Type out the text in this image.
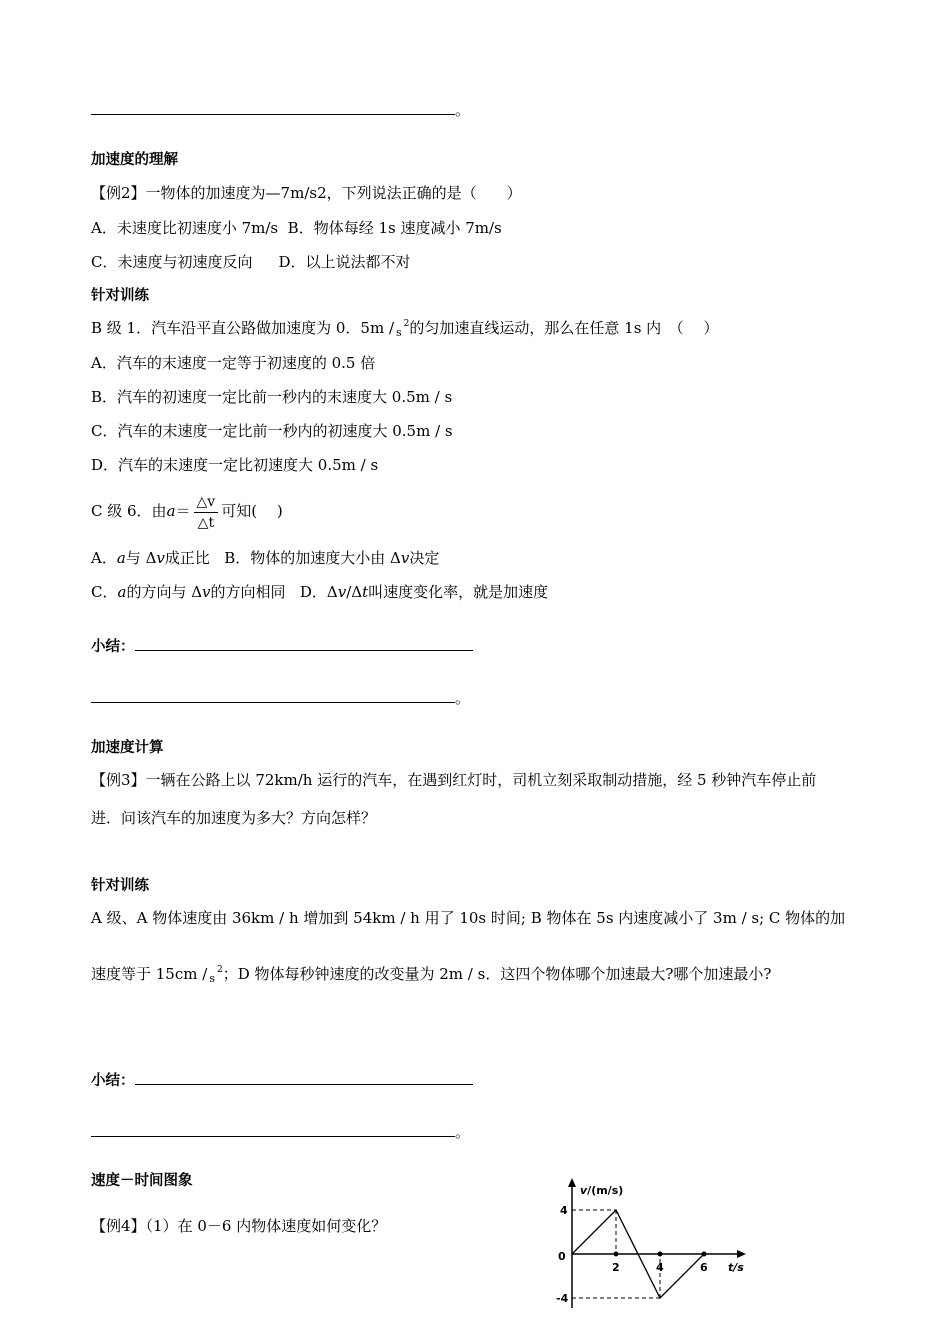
。
加速度的理解
【例2】一物体的加速度为—7m/s2，下列说法正确的是（　　）
A．未速度比初速度小 7m/s B．物体每经 1s 速度减小 7m/s
C．未速度与初速度反向 D．以上说法都不对
针对训练
B 级 1．汽车沿平直公路做加速度为 0．5m / $_s^2$的匀加速直线运动，那么在任意 1s 内　（　 ）
A．汽车的末速度一定等于初速度的 0.5 倍
B．汽车的初速度一定比前一秒内的末速度大 0.5m / s
C．汽车的末速度一定比前一秒内的初速度大 0.5m / s
D．汽车的末速度一定比初速度大 0.5m / s
C 级 6．由$a= \frac{\triangle v}{\triangle t}$ 可知(　 )
A．a与 Δv成正比 B．物体的加速度大小由 Δv决定
C．a的方向与 Δv的方向相同 D．Δv/Δt叫速度变化率，就是加速度
小结：
。
加速度计算
【例3】一辆在公路上以 72km/h 运行的汽车，在遇到红灯时，司机立刻采取制动措施，经 5 秒钟汽车停止前
进．问该汽车的加速度为多大？方向怎样？
针对训练
A 级、A 物体速度由 36km / h 增加到 54km / h 用了 10s 时间; B 物体在 5s 内速度减小了 3m / s; C 物体的加
速度等于 15cm / $_s^2$；D 物体每秒钟速度的改变量为 2m / s．这四个物体哪个加速最大?哪个加速最小?
小结：
。
速度－时间图象
【例4】（1）在 0－6 内物体速度如何变化？
v/(m/s)
t/s
0
2	4	6
4
-4
